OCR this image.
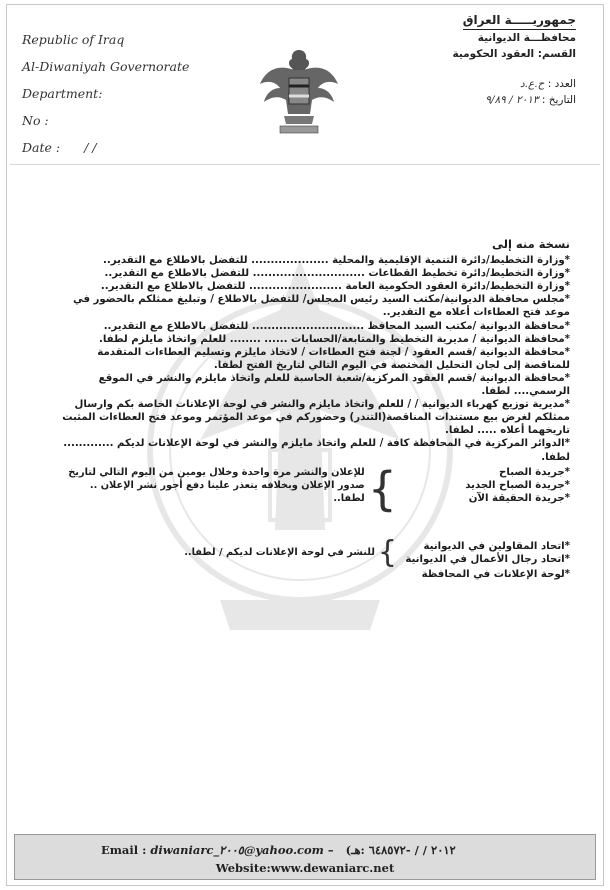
Republic of Iraq
Al-Diwaniyah Governorate
Department:
No :
Date : / /
جمهوريـــــة العراق
محافظـــة الديوانية
القسم: العقود الحكومية
العدد : ح.ع.د
التاريخ : ٢٠١٣ / ٩/٨٩
نسخة منه إلى

*وزارة التخطيط/دائرة التنمية الإقليمية والمحلية .................... للتفضل بالاطلاع مع التقدير..

*وزارة التخطيط/دائرة تخطيط القطاعات ............................. للتفضل بالاطلاع مع التقدير..

*وزارة التخطيط/دائرة العقود الحكومية العامة ........................ للتفضل بالاطلاع مع التقدير..

*مجلس محافظة الديوانية/مكتب السيد رئيس المجلس/ للتفضل بالاطلاع / وتبليغ ممثلكم بالحضور في موعد فتح العطاءات أعلاه مع التقدير..

*محافظة الديوانية /مكتب السيد المحافظ ............................. للتفضل بالاطلاع مع التقدير..

*محافظة الديوانية / مديرية التخطيط والمتابعة/الحسابات ...... ........ للعلم واتخاذ مايلزم لطفا.

*محافظة الديوانية /قسم العقود / لجنة فتح العطاءات / لاتخاذ مايلزم وتسليم العطاءات المتقدمة للمناقصة إلى لجان التحليل المختصة في اليوم التالي لتاريخ الفتح لطفا.

*محافظة الديوانية /قسم العقود المركزية/شعبة الحاسبة للعلم واتخاذ مايلزم والنشر في الموقع الرسمي.... لطفا.

*مديرية توزيع كهرباء الديوانية / / للعلم واتخاذ مايلزم والنشر في لوحة الإعلانات الخاصة بكم وارسال ممثلكم لغرض بيع مستندات المناقصة(التندر) وحضوركم في موعد المؤتمر وموعد فتح العطاءات المثبت تاريخهما أعلاه ..... لطفا.

*الدوائر المركزية في المحافظة كافة / للعلم واتخاذ مايلزم والنشر في لوحة الإعلانات لديكم ............. لطفا.

*جريدة الصباح
*جريدة الصباح الجديد
*جريدة الحقيقة الآن
}
للإعلان والنشر مرة واحدة وخلال يومين من اليوم التالي لتاريخ صدور الإعلان وبخلافه يتعذر علينا دفع أجور نشر الإعلان .. لطفا..
*اتحاد المقاولين في الديوانية
*اتحاد رجال الأعمال في الديوانية
}
للنشر في لوحة الإعلانات لديكم / لطفا..

*لوحة الإعلانات في المحافظة

Email : diwaniarc_٢٠٠٥@yahoo.com – (٢٠١٢ / / -٦٤٨٥٧٢ :هـ
Website:www.dewaniarc.net
